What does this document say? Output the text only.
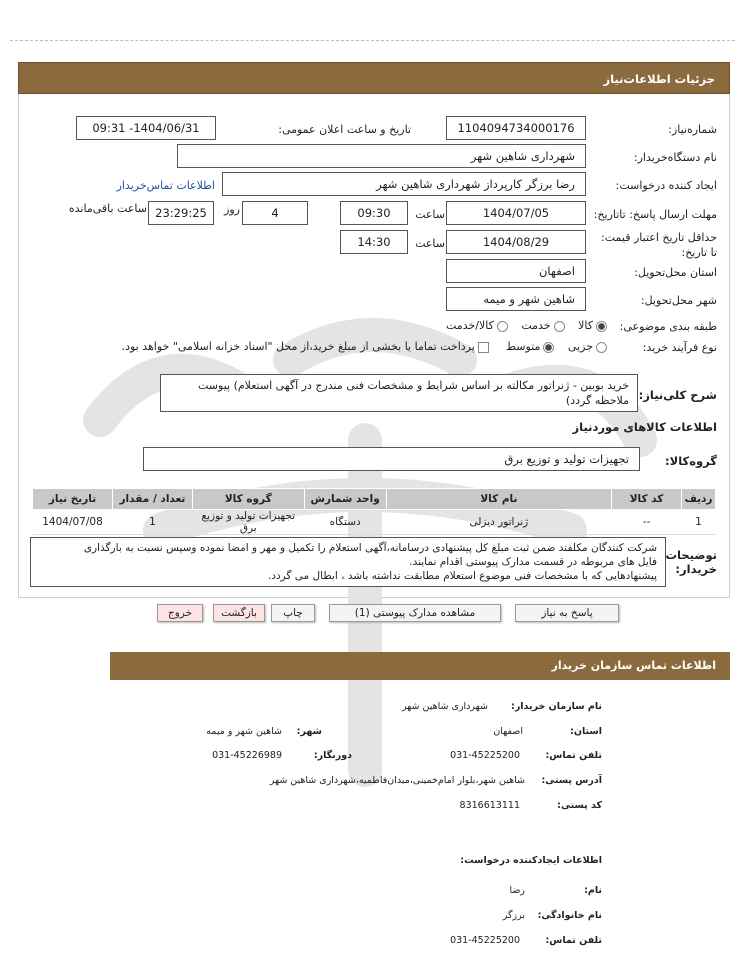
جزئیات اطلاعات‌نیاز
شماره‌نیاز:
1104094734000176
تاریخ و ساعت اعلان عمومی:
1404/06/31- 09:31
نام دستگاه‌خریدار:
شهرداری شاهین شهر
ایجاد کننده درخواست:
رضا برزگر کارپرداز شهرداری شاهین شهر
اطلاعات تماس‌خریدار
مهلت ارسال پاسخ: تاتاریخ:
1404/07/05
ساعت
09:30
4
روز
23:29:25
ساعت باقی‌مانده
حداقل تاریخ اعتبار قیمت: تا تاریخ:
1404/08/29
ساعت
14:30
استان محل‌تحویل:
اصفهان
شهر محل‌تحویل:
شاهین شهر و میمه
طبقه بندی موضوعی:
کالا   خدمت   کالا/خدمت
نوع فرآیند خرید:
جزیی   متوسط    پرداخت تماما یا بخشی از مبلغ خرید،از محل "اسناد خزانه اسلامی" خواهد بود.
شرح کلی‌نیاز:
خرید بوبین - ژنراتور مکالته بر اساس شرایط و مشخصات فنی مندرج در آگهی استعلام) پیوست ملاحظه گردد)
اطلاعات کالاهای موردنیاز
گروه‌کالا:
تجهیزات تولید و توزیع برق
ردیف	کد کالا	نام کالا	واحد شمارش	گروه کالا	تعداد / مقدار	تاریخ نیاز
1	--	ژنراتور دیزلی	دستگاه	تجهیزات تولید و توزیع برق	1	1404/07/08
توضیحات خریدار:
شرکت کنندگان مکلفند ضمن ثبت مبلغ کل پیشنهادی درسامانه،آگهی استعلام را تکمیل و مهر و امضا نموده وسپس نسبت به بارگذاری
فایل های مربوطه در قسمت مدارک پیوستی اقدام نمایند.
پیشنهادهایی که با مشخصات فنی موضوع استعلام مطابقت نداشته باشد ، ابطال می گردد.
پاسخ به نیاز
مشاهده مدارک پیوستی (1)
چاپ
بازگشت
خروج
اطلاعات تماس سازمان خریدار
نام سازمان خریدار:
شهرداری شاهین شهر
استان:
اصفهان
شهر:
شاهین شهر و میمه
تلفن تماس:
031-45225200
دورنگار:
031-45226989
آدرس پستی:
شاهین شهر،بلوار امام‌خمینی،میدان‌فاطمیه،شهرداری شاهین شهر
کد پستی:
8316613111
اطلاعات ایجادکننده درخواست:
نام:
رضا
نام خانوادگی:
برزگر
تلفن تماس:
031-45225200
